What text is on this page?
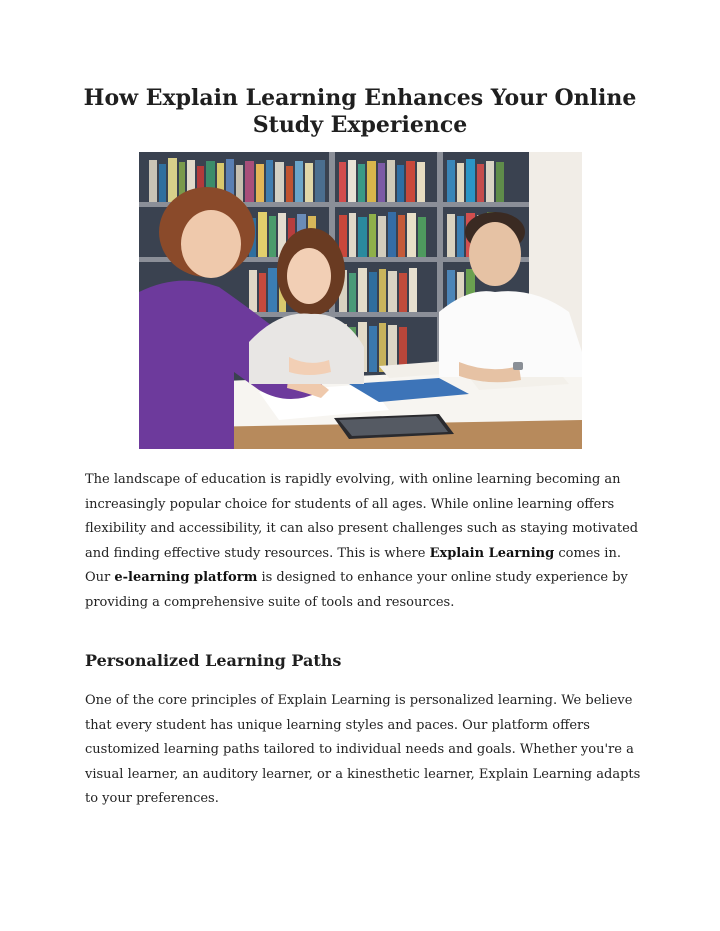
How Explain Learning Enhances Your Online Study Experience

The landscape of education is rapidly evolving, with online learning becoming an increasingly popular choice for students of all ages. While online learning offers flexibility and accessibility, it can also present challenges such as staying motivated and finding effective study resources. This is where Explain Learning comes in. Our e-learning platform is designed to enhance your online study experience by providing a comprehensive suite of tools and resources.

Personalized Learning Paths

One of the core principles of Explain Learning is personalized learning. We believe that every student has unique learning styles and paces. Our platform offers customized learning paths tailored to individual needs and goals. Whether you're a visual learner, an auditory learner, or a kinesthetic learner, Explain Learning adapts to your preferences.
